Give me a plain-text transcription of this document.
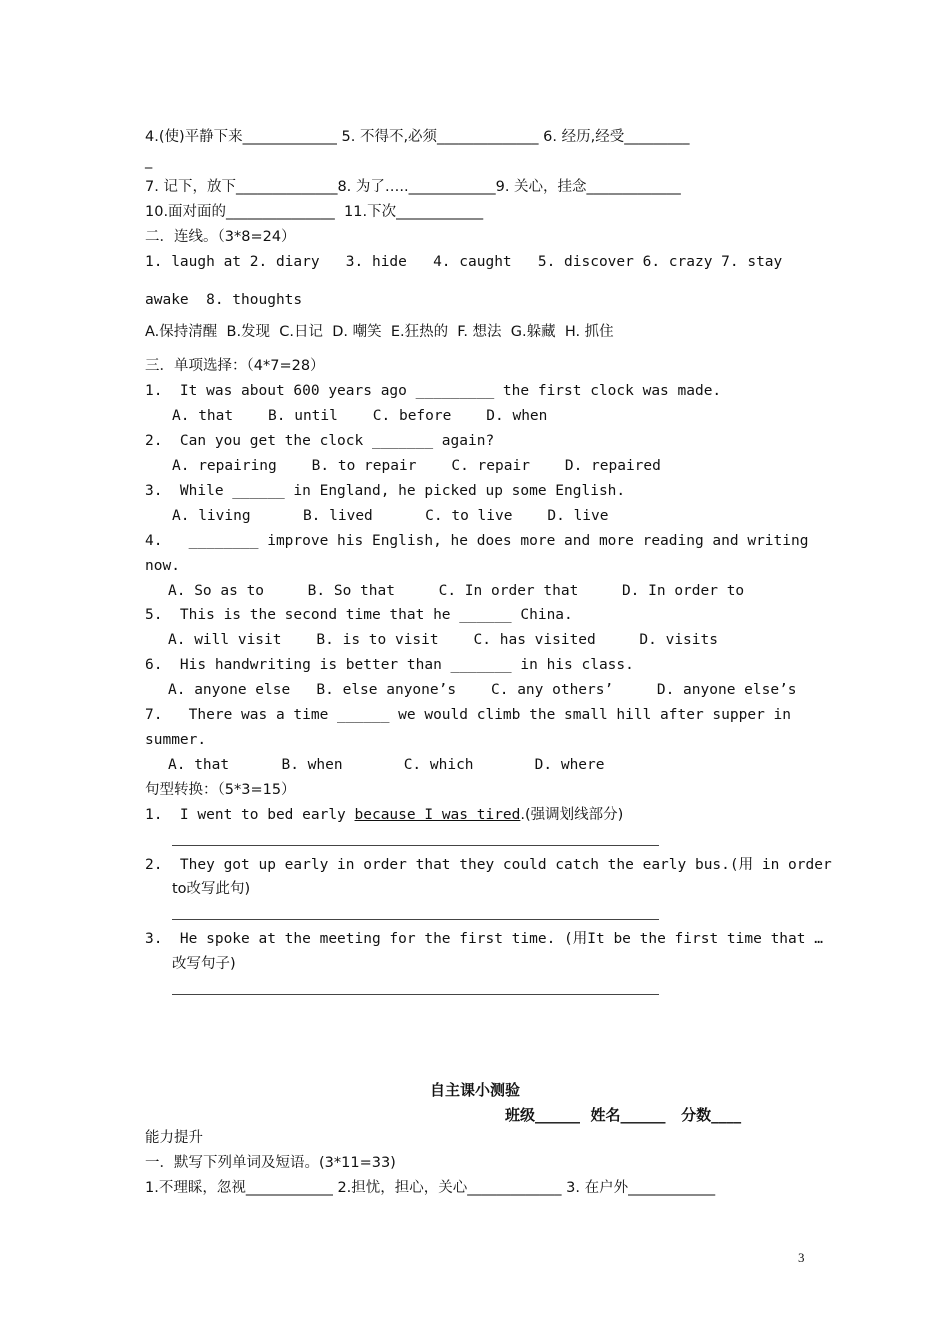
4.(使)平静下来_____________ 5. 不得不,必须______________ 6. 经历,经受_________
_
7. 记下，放下______________8. 为了…..____________9. 关心，挂念_____________
10.面对面的_______________  11.下次____________
二．连线。（3*8=24）
1. laugh at 2. diary   3. hide   4. caught   5. discover 6. crazy 7. stay
awake  8. thoughts
A.保持清醒  B.发现  C.日记  D. 嘲笑  E.狂热的  F. 想法  G.躲藏  H. 抓住
三．单项选择：（4*7=28）
1.  It was about 600 years ago _________ the first clock was made.
A. that    B. until    C. before    D. when
2.  Can you get the clock _______ again?
A. repairing    B. to repair    C. repair    D. repaired
3.  While ______ in England, he picked up some English.
A. living      B. lived      C. to live    D. live
4.   ________ improve his English, he does more and more reading and writing
now.
A. So as to     B. So that     C. In order that     D. In order to
5.  This is the second time that he ______ China.
A. will visit    B. is to visit    C. has visited     D. visits
6.  His handwriting is better than _______ in his class.
A. anyone else   B. else anyone’s    C. any others’     D. anyone else’s
7.   There was a time ______ we would climb the small hill after supper in
summer.
A. that      B. when       C. which       D. where
句型转换：（5*3=15）
1.  I went to bed early because I was tired.(强调划线部分)
2.  They got up early in order that they could catch the early bus.(用 in order
to改写此句)
3.  He spoke at the meeting for the first time. (用It be the first time that …
改写句子)
自主课小测验
班级______  姓名______   分数____
能力提升
一．默写下列单词及短语。(3*11=33)
1.不理睬，忽视____________ 2.担忧，担心，关心_____________ 3. 在户外____________
3
